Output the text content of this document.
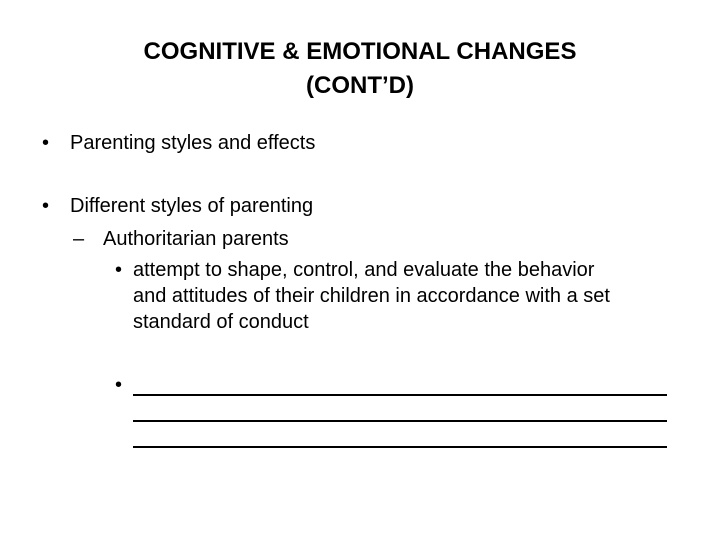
COGNITIVE & EMOTIONAL CHANGES
(CONT’D)
• Parenting styles and effects
• Different styles of parenting
– Authoritarian parents
• attempt to shape, control, and evaluate the behavior and attitudes of their children in accordance with a set standard of conduct
•
